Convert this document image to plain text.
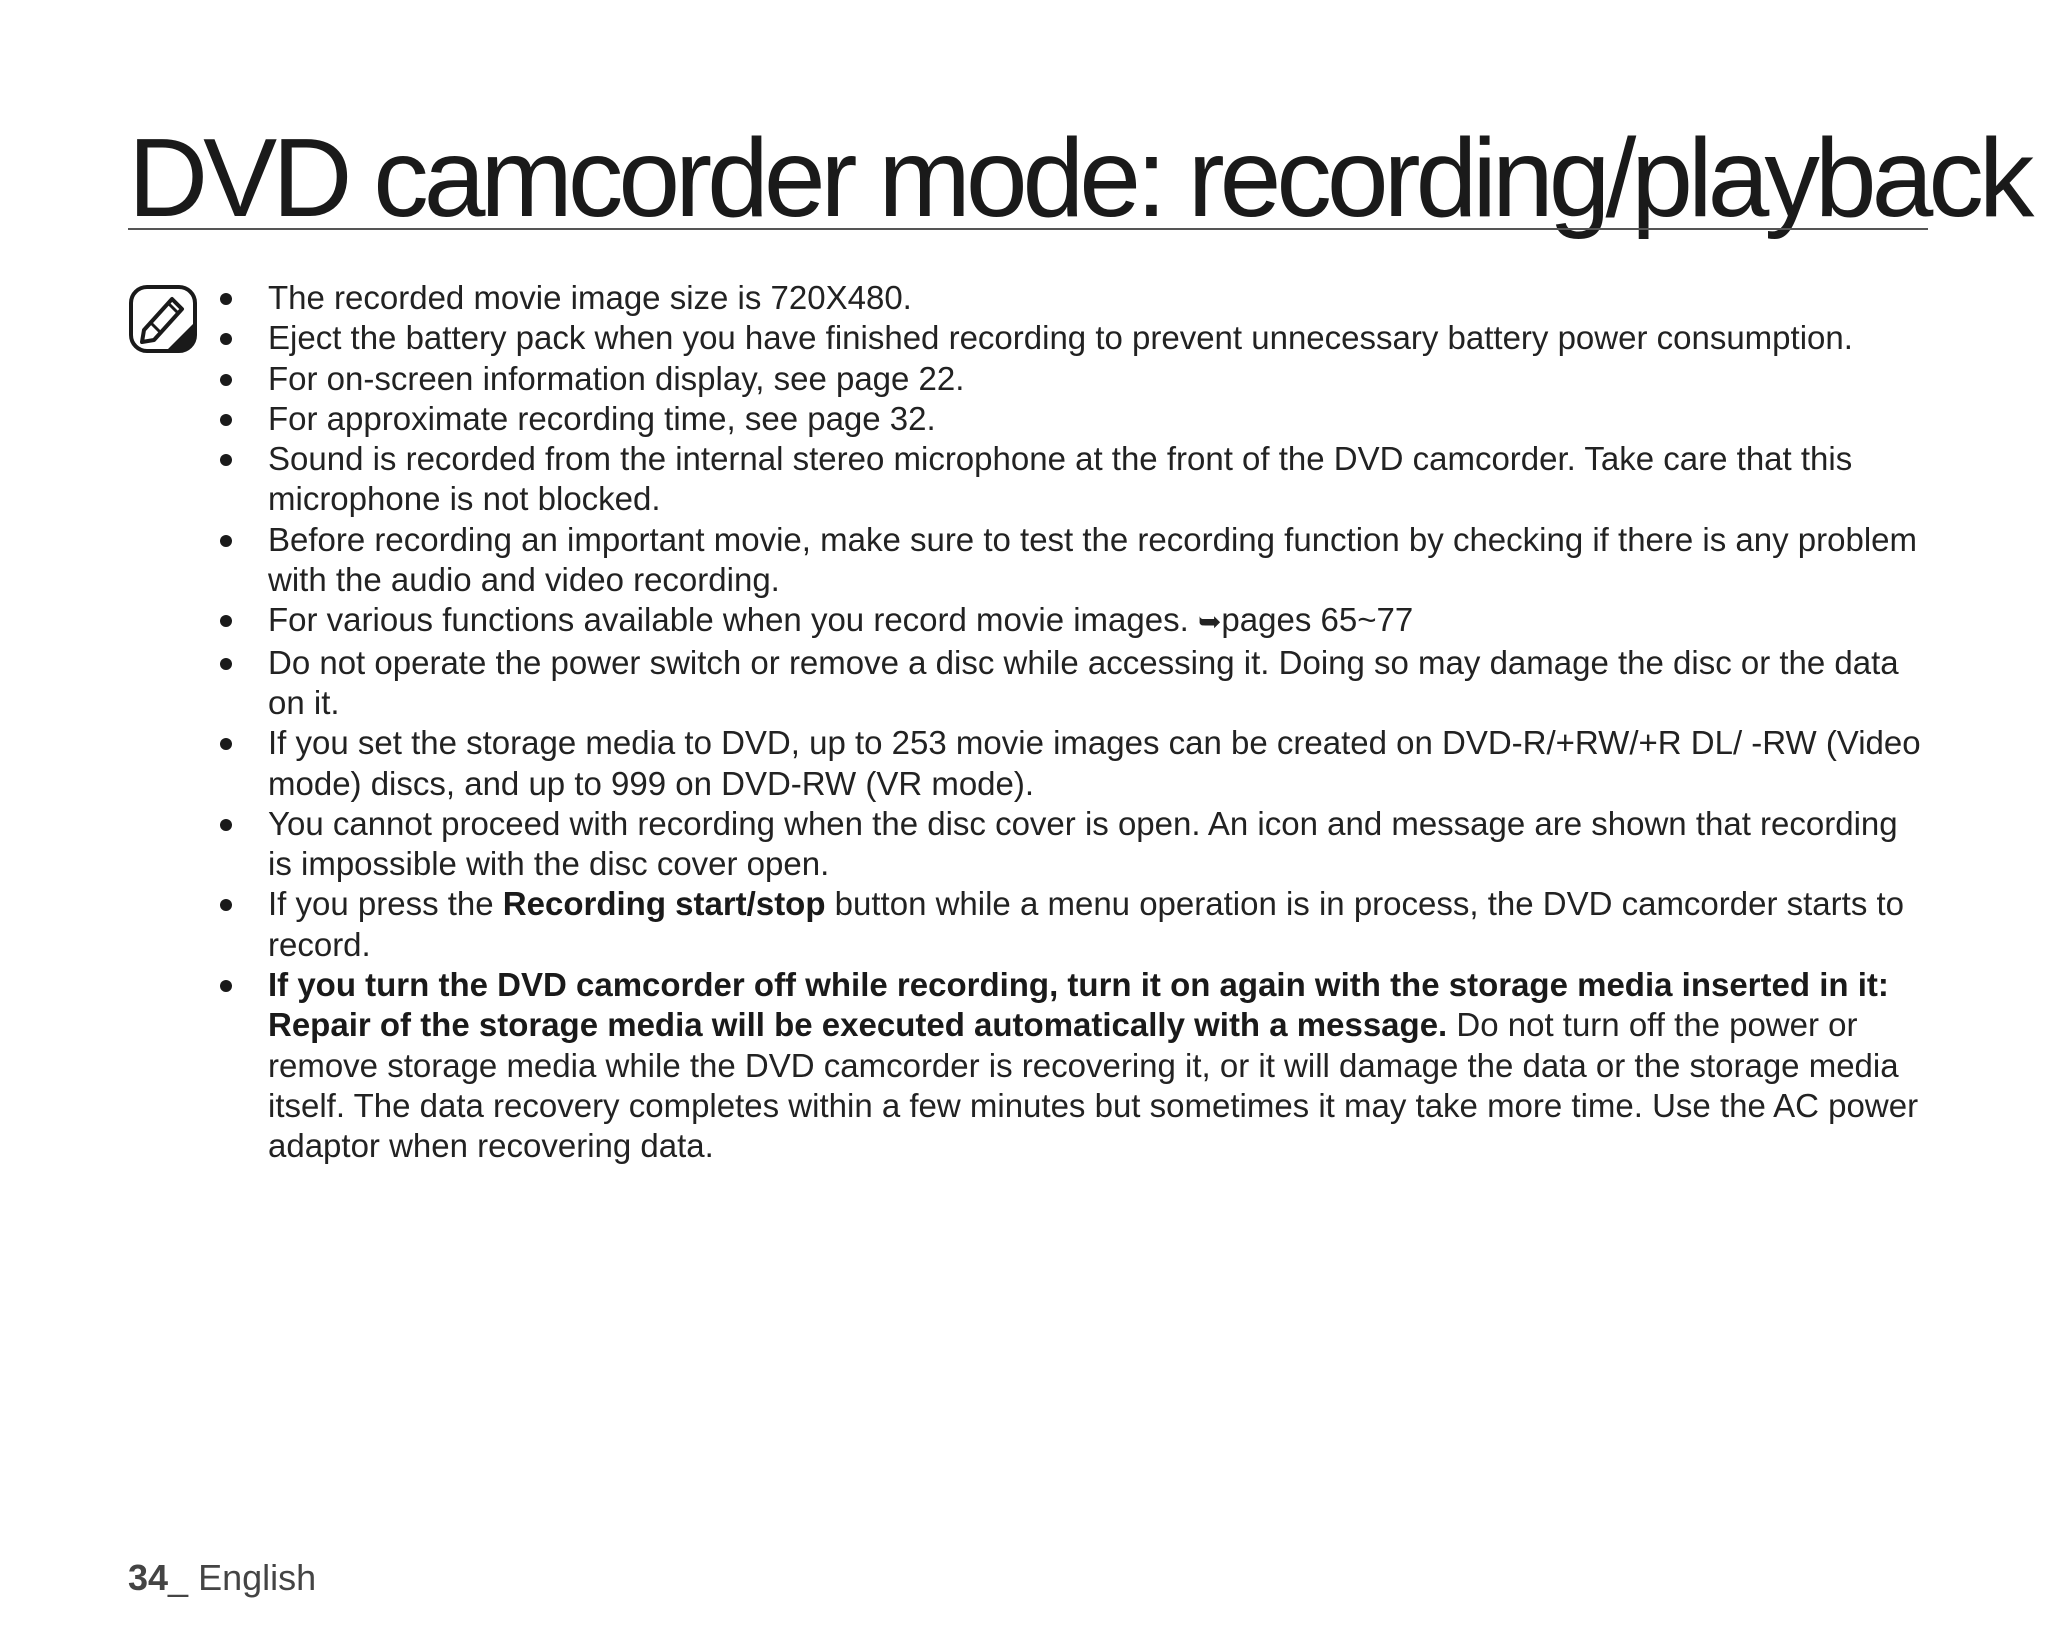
DVD camcorder mode: recording/playback
The recorded movie image size is 720X480.
Eject the battery pack when you have finished recording to prevent unnecessary battery power consumption.
For on-screen information display, see page 22.
For approximate recording time, see page 32.
Sound is recorded from the internal stereo microphone at the front of the DVD camcorder. Take care that this microphone is not blocked.
Before recording an important movie, make sure to test the recording function by checking if there is any problem with the audio and video recording.
For various functions available when you record movie images. ➥pages 65~77
Do not operate the power switch or remove a disc while accessing it. Doing so may damage the disc or the data on it.
If you set the storage media to DVD, up to 253 movie images can be created on DVD-R/+RW/+R DL/ -RW (Video mode) discs, and up to 999 on DVD-RW (VR mode).
You cannot proceed with recording when the disc cover is open. An icon and message are shown that recording is impossible with the disc cover open.
If you press the Recording start/stop button while a menu operation is in process, the DVD camcorder starts to record.
If you turn the DVD camcorder off while recording, turn it on again with the storage media inserted in it: Repair of the storage media will be executed automatically with a message. Do not turn off the power or remove storage media while the DVD camcorder is recovering it, or it will damage the data or the storage media itself. The data recovery completes within a few minutes but sometimes it may take more time. Use the AC power adaptor when recovering data.
34_ English
